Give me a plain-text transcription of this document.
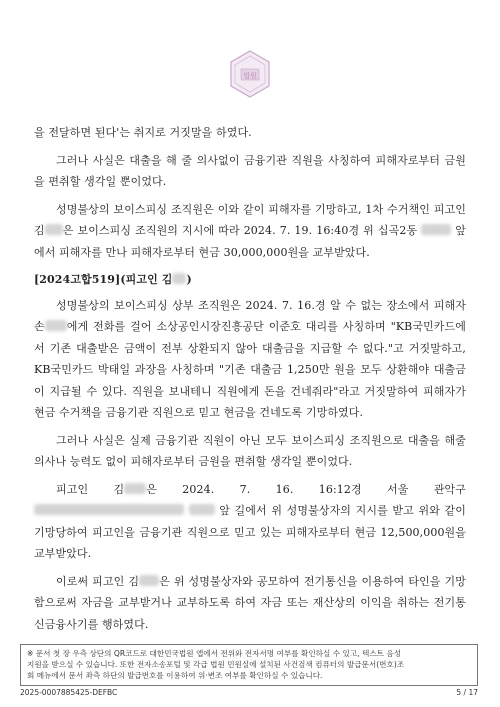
법원

을 전달하면 된다'는 취지로 거짓말을 하였다.

그러나 사실은 대출을 해 줄 의사없이 금융기관 직원을 사칭하여 피해자로부터 금원을 편취할 생각일 뿐이었다.

성명불상의 보이스피싱 조직원은 이와 같이 피해자를 기망하고, 1차 수거책인 피고인 김 은 보이스피싱 조직원의 지시에 따라 2024. 7. 19. 16:40경 위 십곡2동	앞에서 피해자를 만나 피해자로부터 현금 30,000,000원을 교부받았다.

[2024고합519](피고인 김 )

성명불상의 보이스피싱 상부 조직원은 2024. 7. 16.경 알 수 없는 장소에서 피해자 손 에게 전화를 걸어 소상공인시장진흥공단 이준호 대리를 사칭하며 "KB국민카드에서 기존 대출받은 금액이 전부 상환되지 않아 대출금을 지급할 수 없다."고 거짓말하고, KB국민카드 박태일 과장을 사칭하며 "기존 대출금 1,250만 원을 모두 상환해야 대출금이 지급될 수 있다. 직원을 보내테니 직원에게 돈을 건네줘라"라고 거짓말하여 피해자가 현금 수거책을 금융기관 직원으로 믿고 현금을 건네도록 기망하였다.

그러나 사실은 실제 금융기관 직원이 아닌 모두 보이스피싱 조직원으로 대출을 해줄 의사나 능력도 없이 피해자로부터 금원을 편취할 생각일 뿐이었다.

피고인 김 은 2024. 7. 16. 16:12경 서울 관악구   앞 길에서 위 성명불상자의 지시를 받고 위와 같이 기망당하여 피고인을 금융기관 직원으로 믿고 있는 피해자로부터 현금 12,500,000원을 교부받았다.

이로써 피고인 김 은 위 성명불상자와 공모하여 전기통신을 이용하여 타인을 기망함으로써 자금을 교부받거나 교부하도록 하여 자금 또는 재산상의 이익을 취하는 전기통신금융사기를 행하였다.

※ 문서 첫 장 우측 상단의 QR코드로 대한민국법원 앱에서 전위와 전자서명 여부를 확인하실 수 있고, 텍스트 음성
지원을 받으실 수 있습니다. 또한 전자소송포털 및 각급 법원 민원실에 설치된 사건검색 컴퓨터의 발급문서(번호)조
회 메뉴에서 문서 좌측 하단의 발급번호를 이용하여 위·변조 여부를 확인하실 수 있습니다.
2025-0007885425-DEFBC	5 / 17
